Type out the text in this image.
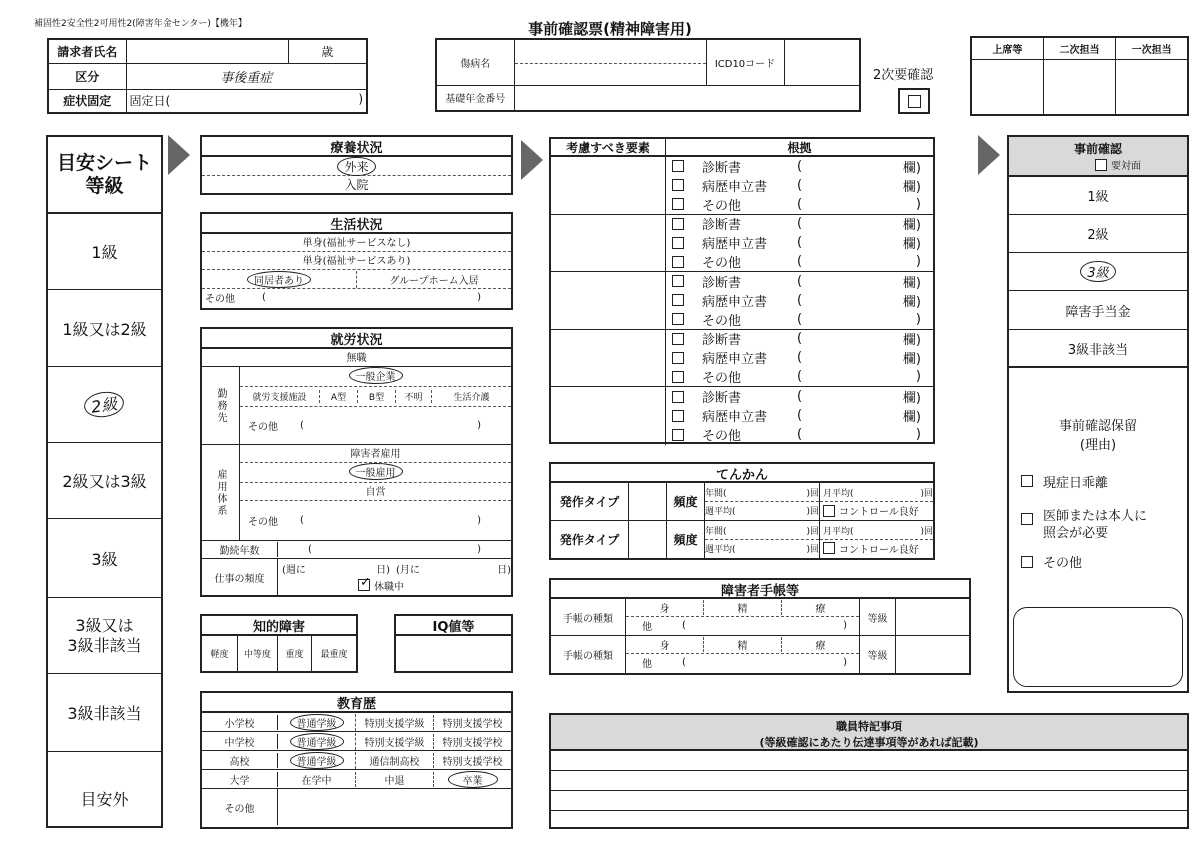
補固性2安全性2可用性2(障害年金センター)【機年】	事前確認票(精神障害用)
請求者氏名		歳
区分	事後重症	
症状固定	固定日( )	
傷病名		ICD10コード	

基礎年金番号			
2次要確認
上席等	二次担当	一次担当

目安シート
等級
1級
1級又は2級
2級
2級又は3級
3級
3級又は
3級非該当
3級非該当
目安外
療養状況
外来
入院
生活状況
単身(福祉サービスなし)
単身(福祉サービスあり)
同居者あり	グループホーム入居
その他	(	)
就労状況
無職
勤務先
一般企業
就労支援施設	A型	B型	不明	生活介護
その他	(	)
雇用体系
障害者雇用
一般雇用
自営
その他	(	)
勤続年数	(	)
仕事の頻度
(週に	日) (月に	日)
✓ 休職中
知的障害
軽度	中等度	重度	最重度
IQ値等
教育歴
小学校	普通学級	特別支援学級	特別支援学校
中学校	普通学級	特別支援学級	特別支援学校
高校	普通学級	通信制高校	特別支援学校
大学	在学中	中退	卒業
その他
考慮すべき要素	根拠
診断書	(	欄)
病歴申立書	(	欄)
その他	(	)
診断書	(	欄)
病歴申立書	(	欄)
その他	(	)
診断書	(	欄)
病歴申立書	(	欄)
その他	(	)
診断書	(	欄)
病歴申立書	(	欄)
その他	(	)
診断書	(	欄)
病歴申立書	(	欄)
その他	(	)
てんかん
発作タイプ	頻度
年間(	)回
週平均(	)回
月平均(	)回
コントロール良好
発作タイプ	頻度
年間(	)回
週平均(	)回
月平均(	)回
コントロール良好
障害者手帳等
手帳の種類
身	精	療
他	(	)
等級
手帳の種類
身	精	療
他	(	)
等級
職員特記事項
(等級確認にあたり伝達事項等があれば記載)
事前確認
要対面
1級
2級
3級
障害手当金
3級非該当
事前確認保留
(理由)
現症日乖離
医師または本人に
照会が必要
その他
